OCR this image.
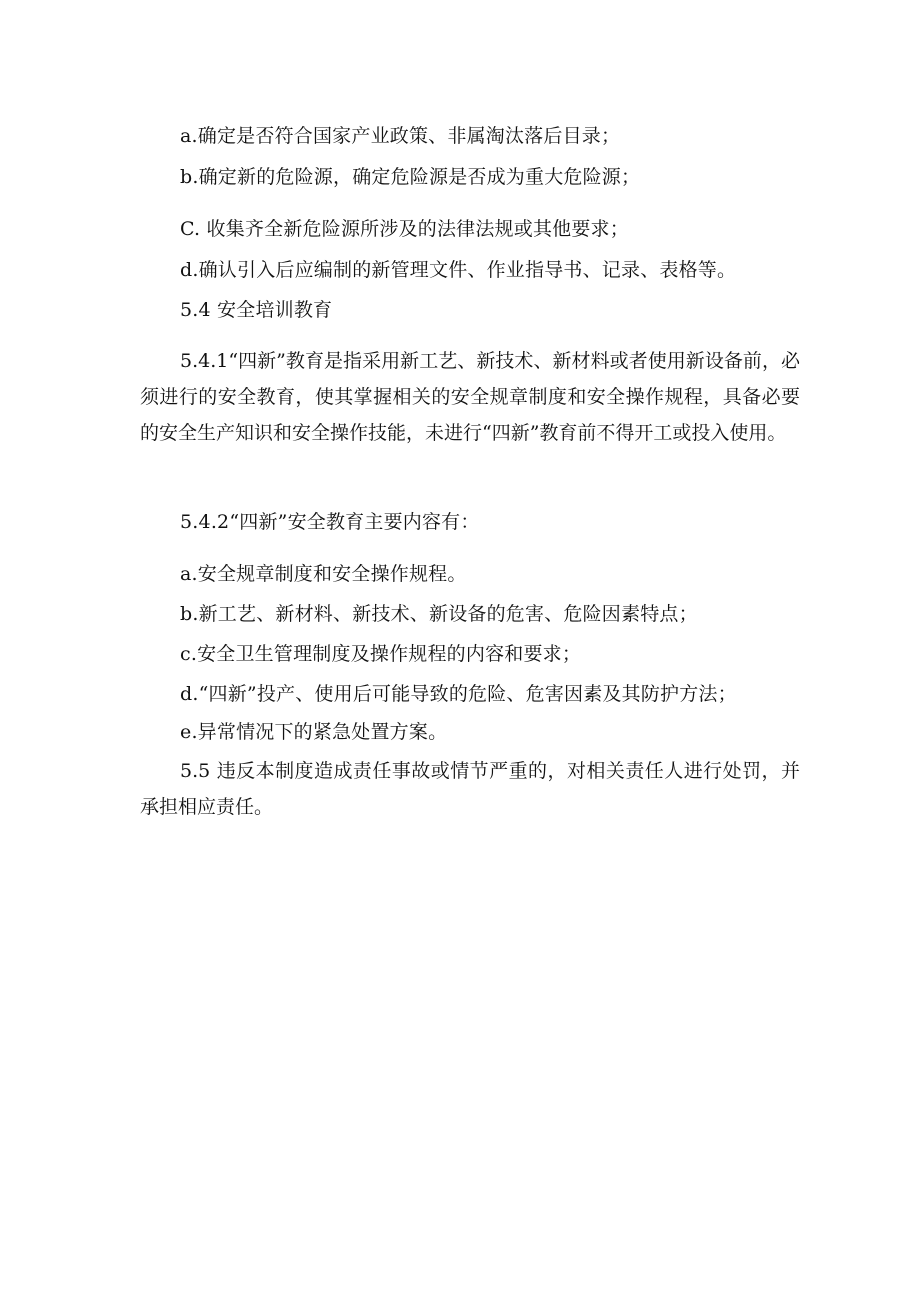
a.确定是否符合国家产业政策、非属淘汰落后目录；
b.确定新的危险源，确定危险源是否成为重大危险源；
C. 收集齐全新危险源所涉及的法律法规或其他要求；
d.确认引入后应编制的新管理文件、作业指导书、记录、表格等。
5.4 安全培训教育
5.4.1“四新”教育是指采用新工艺、新技术、新材料或者使用新设备前，必须进行的安全教育，使其掌握相关的安全规章制度和安全操作规程，具备必要的安全生产知识和安全操作技能，未进行“四新”教育前不得开工或投入使用。
5.4.2“四新”安全教育主要内容有：
a.安全规章制度和安全操作规程。
b.新工艺、新材料、新技术、新设备的危害、危险因素特点；
c.安全卫生管理制度及操作规程的内容和要求；
d.“四新”投产、使用后可能导致的危险、危害因素及其防护方法；
e.异常情况下的紧急处置方案。
5.5 违反本制度造成责任事故或情节严重的，对相关责任人进行处罚，并承担相应责任。
